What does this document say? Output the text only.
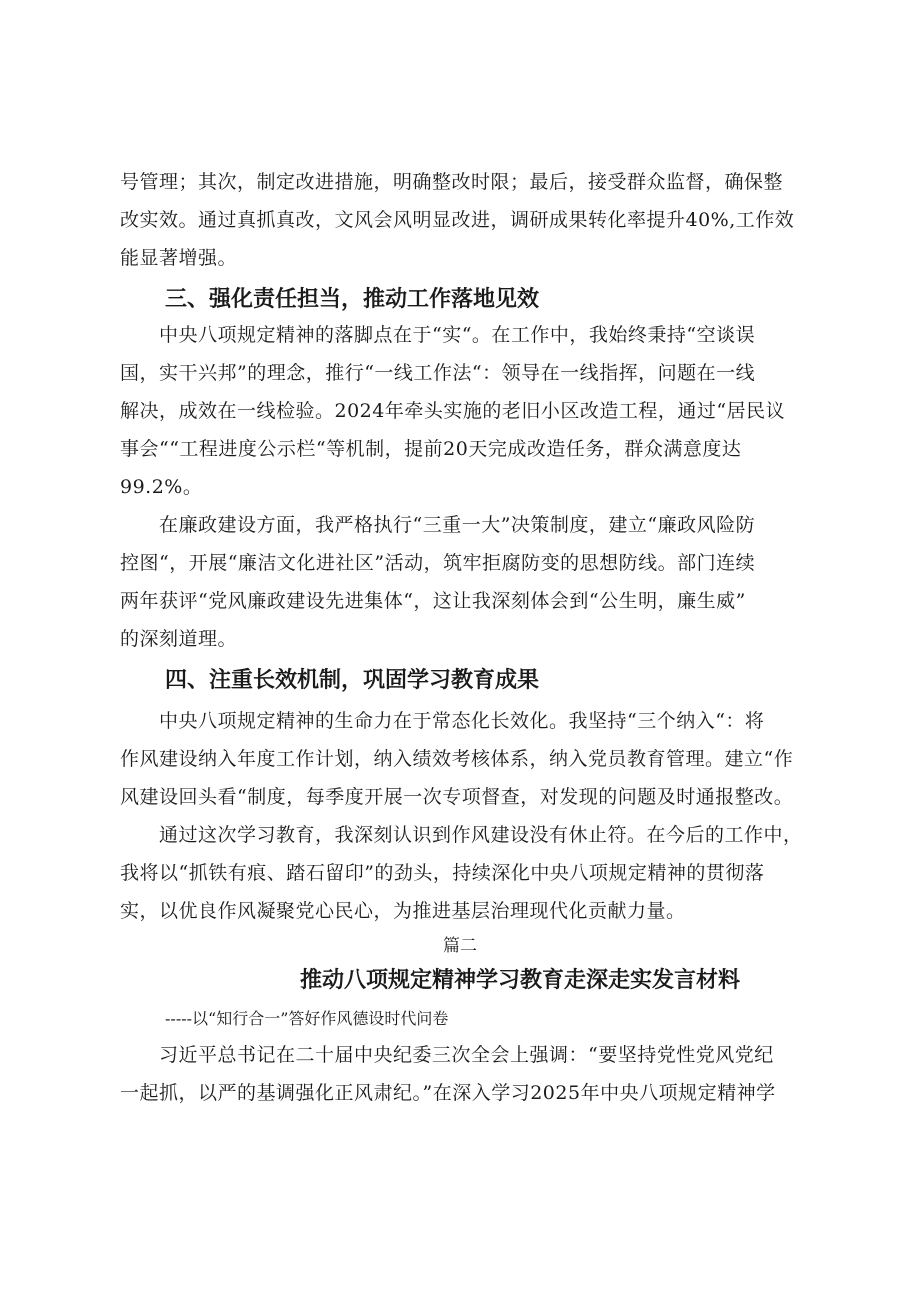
号管理；其次，制定改进措施，明确整改时限；最后，接受群众监督，确保整
改实效。通过真抓真改，文风会风明显改进，调研成果转化率提升40%,工作效
能显著增强。

三、强化责任担当，推动工作落地见效

　　中央八项规定精神的落脚点在于“实“。在工作中，我始终秉持“空谈误
国，实干兴邦”的理念，推行“一线工作法“：领导在一线指挥，问题在一线
解决，成效在一线检验。2024年牵头实施的老旧小区改造工程，通过“居民议
事会““工程进度公示栏“等机制，提前20天完成改造任务，群众满意度达
99.2%。

　　在廉政建设方面，我严格执行“三重一大”决策制度，建立“廉政风险防
控图“，开展“廉洁文化进社区”活动，筑牢拒腐防变的思想防线。部门连续
两年获评“党风廉政建设先进集体“，这让我深刻体会到“公生明，廉生威”
的深刻道理。

四、注重长效机制，巩固学习教育成果

　　中央八项规定精神的生命力在于常态化长效化。我坚持“三个纳入“：将
作风建设纳入年度工作计划，纳入绩效考核体系，纳入党员教育管理。建立“作
风建设回头看“制度，每季度开展一次专项督查，对发现的问题及时通报整改。

　　通过这次学习教育，我深刻认识到作风建设没有休止符。在今后的工作中，
我将以“抓铁有痕、踏石留印”的劲头，持续深化中央八项规定精神的贯彻落
实，以优良作风凝聚党心民心，为推进基层治理现代化贡献力量。

篇二

推动八项规定精神学习教育走深走实发言材料

-----以“知行合一”答好作风德设时代问卷

　　习近平总书记在二十届中央纪委三次全会上强调：“要坚持党性党风党纪
一起抓，以严的基调强化正风肃纪。”在深入学习2025年中央八项规定精神学
